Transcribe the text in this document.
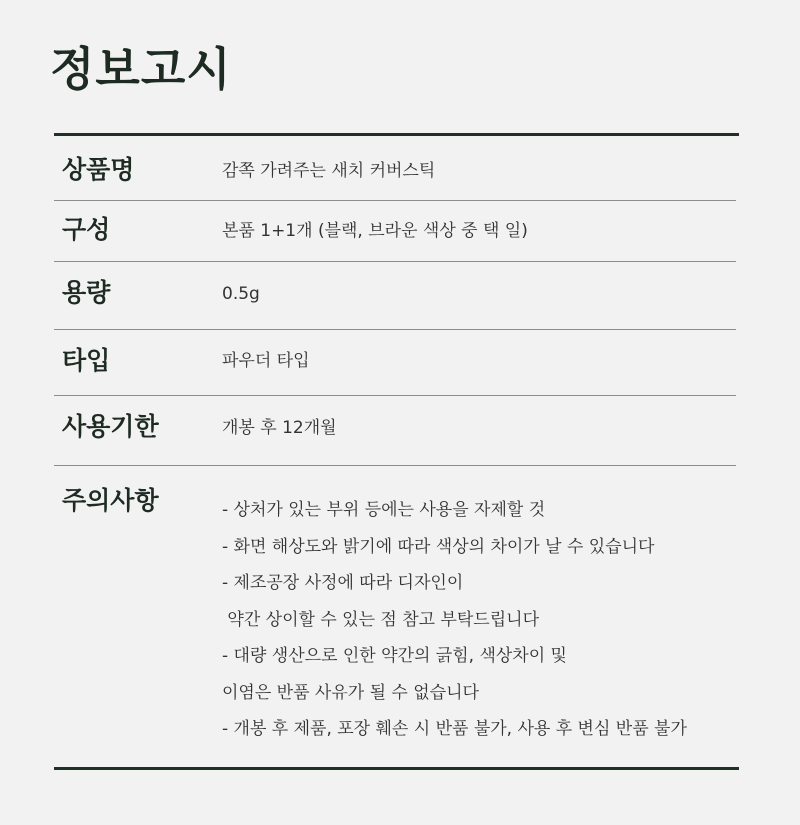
정보고시
상품명	감쪽 가려주는 새치 커버스틱
구성	본품 1+1개 (블랙, 브라운 색상 중 택 일)
용량	0.5g
타입	파우더 타입
사용기한	개봉 후 12개월
주의사항	- 상처가 있는 부위 등에는 사용을 자제할 것
- 화면 해상도와 밝기에 따라 색상의 차이가 날 수 있습니다
- 제조공장 사정에 따라 디자인이
약간 상이할 수 있는 점 참고 부탁드립니다
- 대량 생산으로 인한 약간의 긁힘, 색상차이 및
이염은 반품 사유가 될 수 없습니다
- 개봉 후 제품, 포장 훼손 시 반품 불가, 사용 후 변심 반품 불가
